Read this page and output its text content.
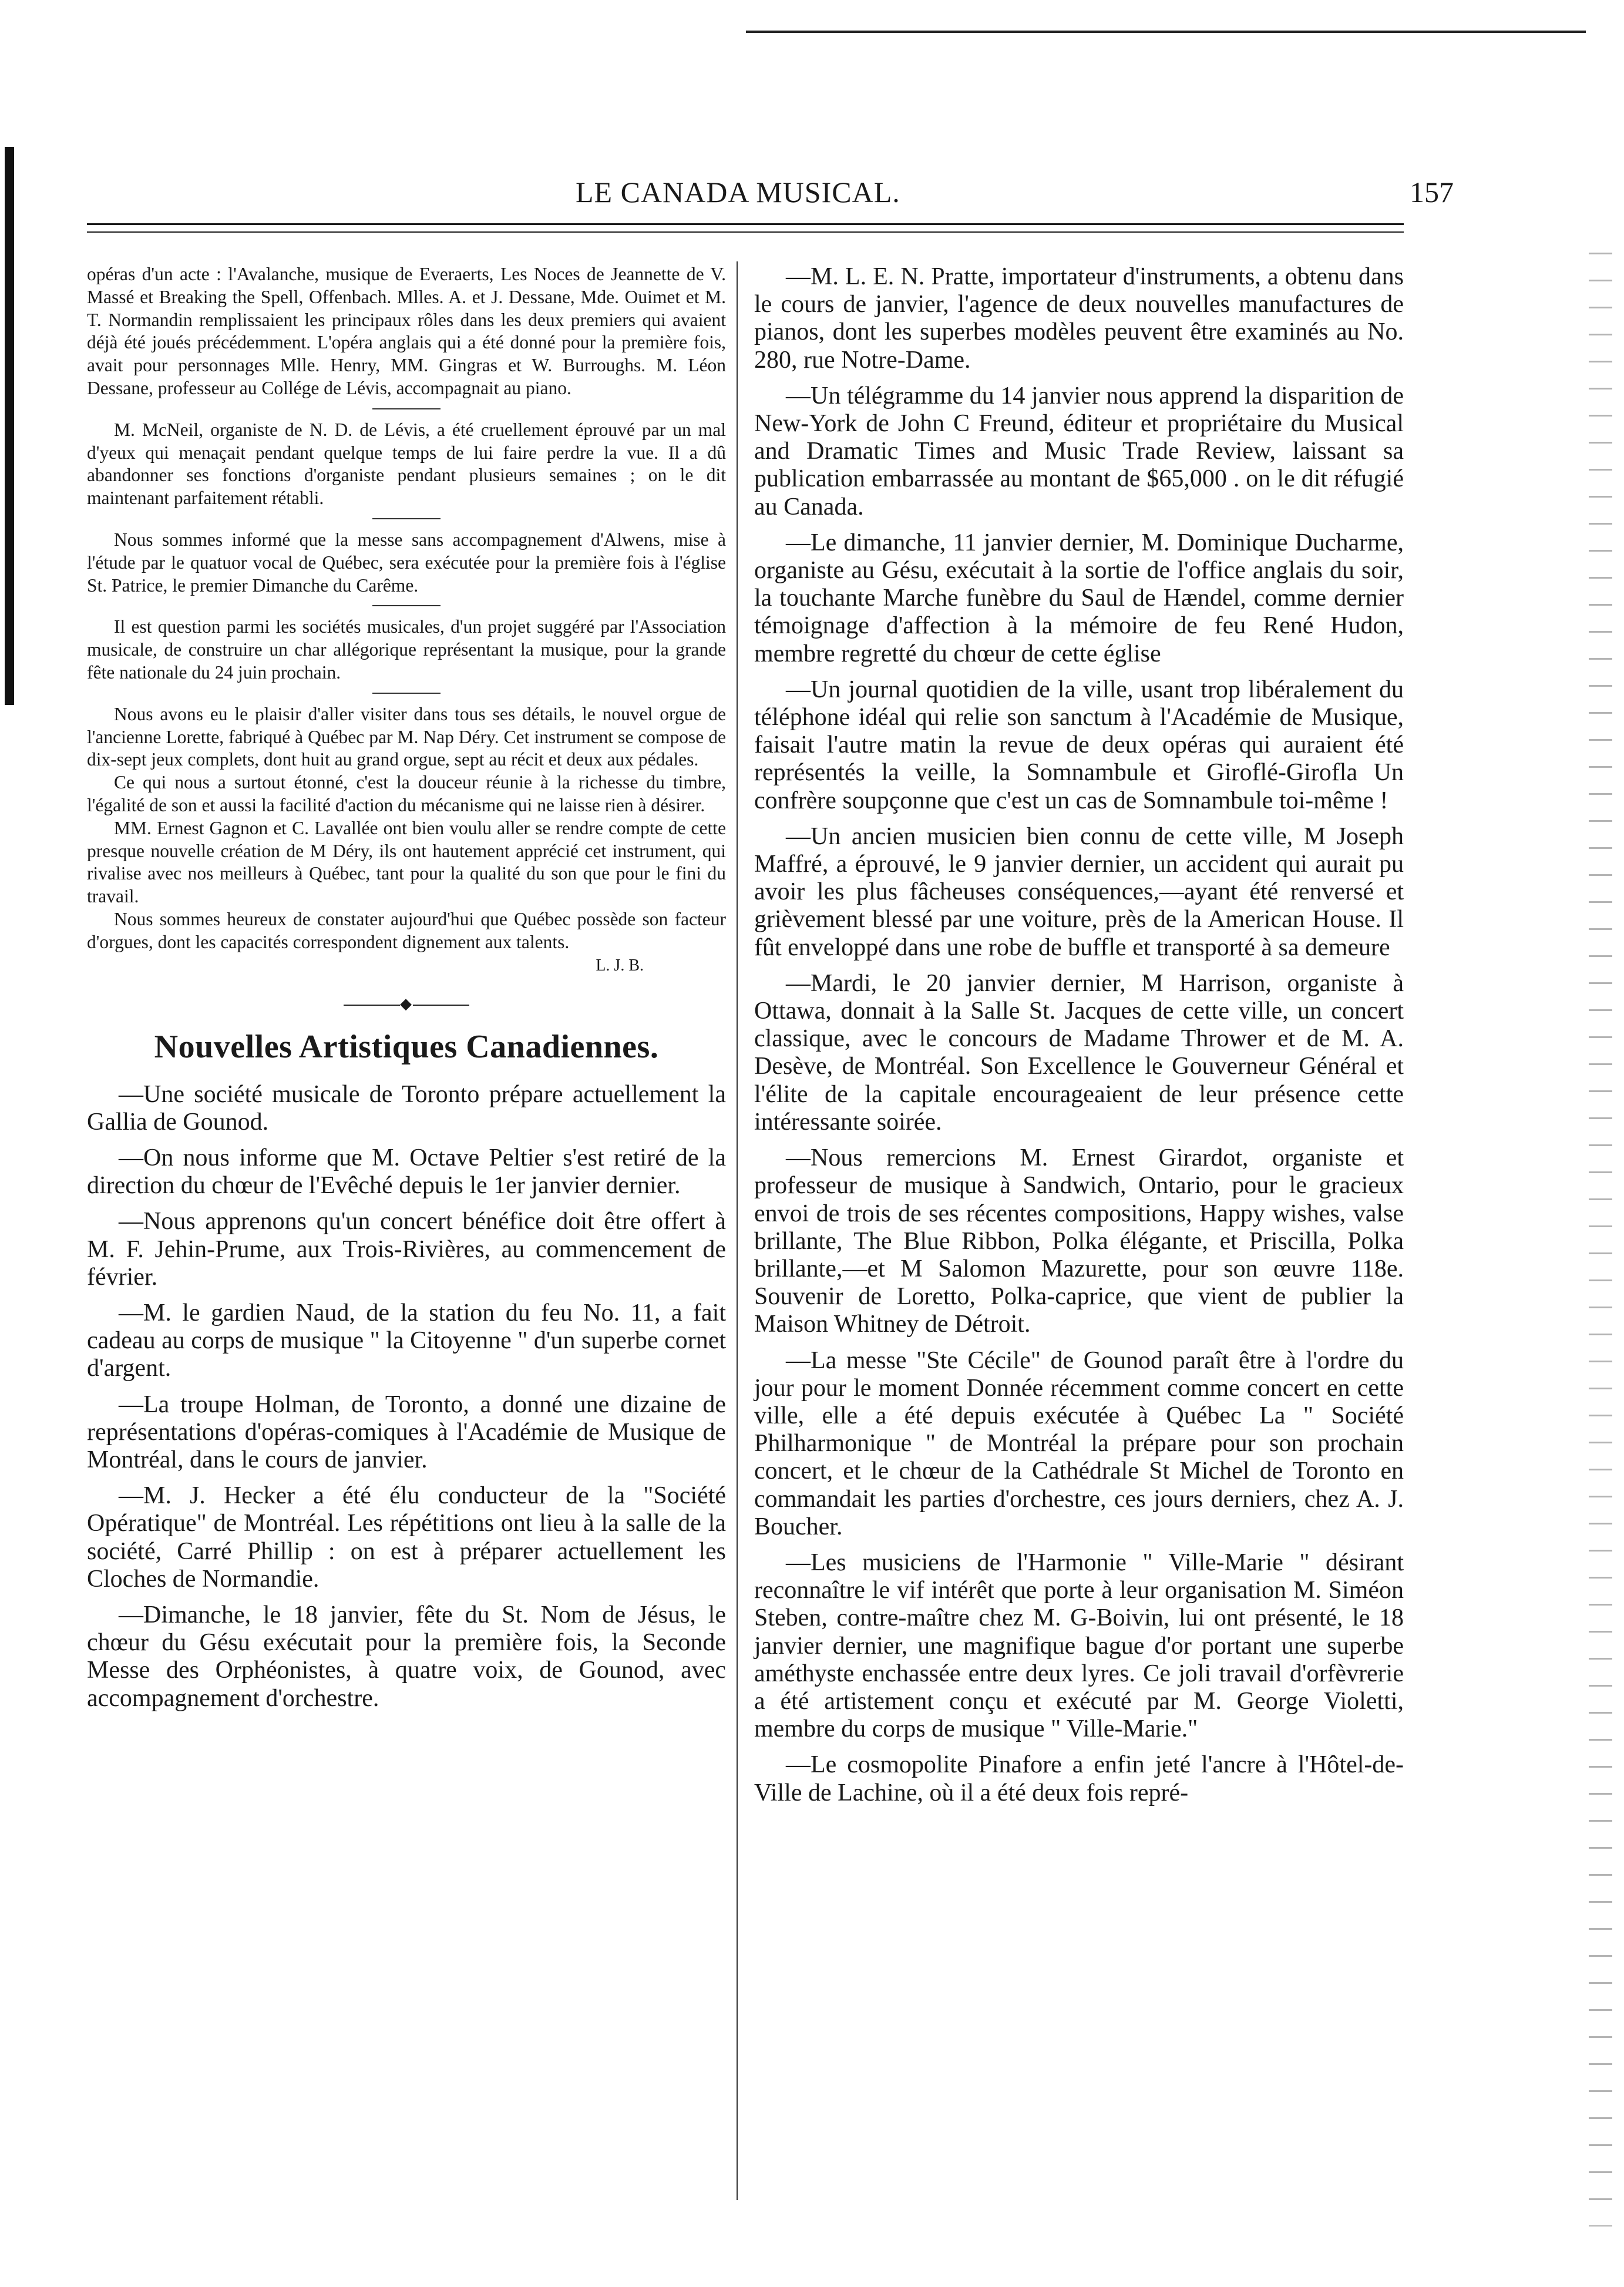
LE CANADA MUSICAL.	157

opéras d'un acte : l'Avalanche, musique de Everaerts, Les Noces de Jeannette de V. Massé et Breaking the Spell, Offenbach. Mlles. A. et J. Dessane, Mde. Ouimet et M. T. Normandin remplissaient les principaux rôles dans les deux premiers qui avaient déjà été joués précédemment. L'opéra anglais qui a été donné pour la première fois, avait pour personnages Mlle. Henry, MM. Gingras et W. Burroughs. M. Léon Dessane, professeur au Collége de Lévis, accompagnait au piano.

M. McNeil, organiste de N. D. de Lévis, a été cruellement éprouvé par un mal d'yeux qui menaçait pendant quelque temps de lui faire perdre la vue. Il a dû abandonner ses fonctions d'organiste pendant plusieurs semaines ; on le dit maintenant parfaitement rétabli.

Nous sommes informé que la messe sans accompagnement d'Alwens, mise à l'étude par le quatuor vocal de Québec, sera exécutée pour la première fois à l'église St. Patrice, le premier Dimanche du Carême.

Il est question parmi les sociétés musicales, d'un projet suggéré par l'Association musicale, de construire un char allégorique représentant la musique, pour la grande fête nationale du 24 juin prochain.

Nous avons eu le plaisir d'aller visiter dans tous ses détails, le nouvel orgue de l'ancienne Lorette, fabriqué à Québec par M. Nap Déry. Cet instrument se compose de dix-sept jeux complets, dont huit au grand orgue, sept au récit et deux aux pédales.

Ce qui nous a surtout étonné, c'est la douceur réunie à la richesse du timbre, l'égalité de son et aussi la facilité d'action du mécanisme qui ne laisse rien à désirer.

MM. Ernest Gagnon et C. Lavallée ont bien voulu aller se rendre compte de cette presque nouvelle création de M Déry, ils ont hautement apprécié cet instrument, qui rivalise avec nos meilleurs à Québec, tant pour la qualité du son que pour le fini du travail.

Nous sommes heureux de constater aujourd'hui que Québec possède son facteur d'orgues, dont les capacités correspondent dignement aux talents.

L. J. B.
◆
Nouvelles Artistiques Canadiennes.

—Une société musicale de Toronto prépare actuellement la Gallia de Gounod.

—On nous informe que M. Octave Peltier s'est retiré de la direction du chœur de l'Evêché depuis le 1er janvier dernier.

—Nous apprenons qu'un concert bénéfice doit être offert à M. F. Jehin-Prume, aux Trois-Rivières, au commencement de février.

—M. le gardien Naud, de la station du feu No. 11, a fait cadeau au corps de musique " la Citoyenne " d'un superbe cornet d'argent.

—La troupe Holman, de Toronto, a donné une dizaine de représentations d'opéras-comiques à l'Académie de Musique de Montréal, dans le cours de janvier.

—M. J. Hecker a été élu conducteur de la "Société Opératique" de Montréal. Les répétitions ont lieu à la salle de la société, Carré Phillip : on est à préparer actuellement les Cloches de Normandie.

—Dimanche, le 18 janvier, fête du St. Nom de Jésus, le chœur du Gésu exécutait pour la première fois, la Seconde Messe des Orphéonistes, à quatre voix, de Gounod, avec accompagnement d'orchestre.

—M. L. E. N. Pratte, importateur d'instruments, a obtenu dans le cours de janvier, l'agence de deux nouvelles manufactures de pianos, dont les superbes modèles peuvent être examinés au No. 280, rue Notre-Dame.

—Un télégramme du 14 janvier nous apprend la disparition de New-York de John C Freund, éditeur et propriétaire du Musical and Dramatic Times and Music Trade Review, laissant sa publication embarrassée au montant de $65,000 . on le dit réfugié au Canada.

—Le dimanche, 11 janvier dernier, M. Dominique Ducharme, organiste au Gésu, exécutait à la sortie de l'office anglais du soir, la touchante Marche funèbre du Saul de Hændel, comme dernier témoignage d'affection à la mémoire de feu René Hudon, membre regretté du chœur de cette église

—Un journal quotidien de la ville, usant trop libéralement du téléphone idéal qui relie son sanctum à l'Académie de Musique, faisait l'autre matin la revue de deux opéras qui auraient été représentés la veille, la Somnambule et Giroflé-Girofla Un confrère soupçonne que c'est un cas de Somnambule toi-même !

—Un ancien musicien bien connu de cette ville, M Joseph Maffré, a éprouvé, le 9 janvier dernier, un accident qui aurait pu avoir les plus fâcheuses conséquences,—ayant été renversé et grièvement blessé par une voiture, près de la American House. Il fût enveloppé dans une robe de buffle et transporté à sa demeure

—Mardi, le 20 janvier dernier, M Harrison, organiste à Ottawa, donnait à la Salle St. Jacques de cette ville, un concert classique, avec le concours de Madame Thrower et de M. A. Desève, de Montréal. Son Excellence le Gouverneur Général et l'élite de la capitale encourageaient de leur présence cette intéressante soirée.

—Nous remercions M. Ernest Girardot, organiste et professeur de musique à Sandwich, Ontario, pour le gracieux envoi de trois de ses récentes compositions, Happy wishes, valse brillante, The Blue Ribbon, Polka élégante, et Priscilla, Polka brillante,—et M Salomon Mazurette, pour son œuvre 118e. Souvenir de Loretto, Polka-caprice, que vient de publier la Maison Whitney de Détroit.

—La messe "Ste Cécile" de Gounod paraît être à l'ordre du jour pour le moment Donnée récemment comme concert en cette ville, elle a été depuis exécutée à Québec La " Société Philharmonique " de Montréal la prépare pour son prochain concert, et le chœur de la Cathédrale St Michel de Toronto en commandait les parties d'orchestre, ces jours derniers, chez A. J. Boucher.

—Les musiciens de l'Harmonie " Ville-Marie " désirant reconnaître le vif intérêt que porte à leur organisation M. Siméon Steben, contre-maître chez M. G-Boivin, lui ont présenté, le 18 janvier dernier, une magnifique bague d'or portant une superbe améthyste enchassée entre deux lyres. Ce joli travail d'orfèvrerie a été artistement conçu et exécuté par M. George Violetti, membre du corps de musique " Ville-Marie."

—Le cosmopolite Pinafore a enfin jeté l'ancre à l'Hôtel-de-Ville de Lachine, où il a été deux fois repré-
